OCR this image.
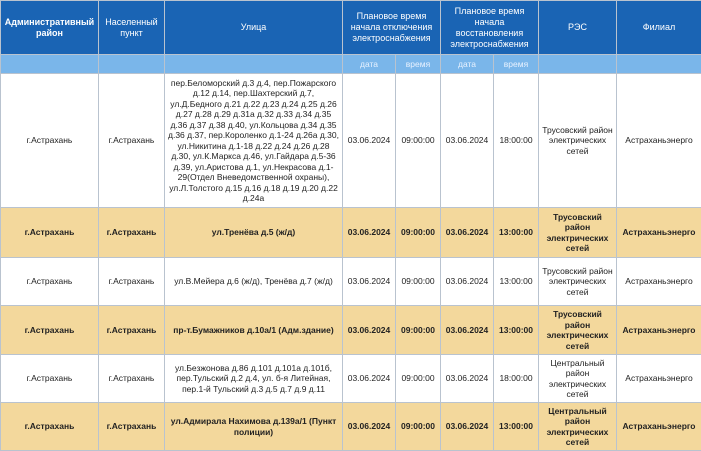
Административный район	Населенный пункт	Улица	Плановое время начала отключения электроснабжения		Плановое время начала восстановления электроснабжения		РЭС	Филиал
			дата	время	дата	время		
г.Астрахань	г.Астрахань	пер.Беломорский д.3 д.4, пер.Пожарского д.12 д.14, пер.Шахтерский д.7, ул.Д.Бедного д.21 д.22 д.23 д.24 д.25 д.26 д.27 д.28 д.29 д.31а д.32 д.33 д.34 д.35 д.36 д.37 д.38 д.40, ул.Кольцова д.34 д.35 д.36 д.37, пер.Короленко д.1-24 д.26а д.30, ул.Никитина д.1-18 д.22 д.24 д.26 д.28 д.30, ул.К.Маркса д.46, ул.Гайдара д.5-36 д.39, ул.Аристова д.1, ул.Некрасова д.1-29(Отдел Вневедомственной охраны), ул.Л.Толстого д.15 д.16 д.18 д.19 д.20 д.22 д.24а	03.06.2024	09:00:00	03.06.2024	18:00:00	Трусовский район электрических сетей	Астраханьэнерго
г.Астрахань	г.Астрахань	ул.Тренёва д.5 (ж/д)	03.06.2024	09:00:00	03.06.2024	13:00:00	Трусовский район электрических сетей	Астраханьэнерго
г.Астрахань	г.Астрахань	ул.В.Мейера д.6 (ж/д), Тренёва д.7 (ж/д)	03.06.2024	09:00:00	03.06.2024	13:00:00	Трусовский район электрических сетей	Астраханьэнерго
г.Астрахань	г.Астрахань	пр-т.Бумажников д.10а/1 (Адм.здание)	03.06.2024	09:00:00	03.06.2024	13:00:00	Трусовский район электрических сетей	Астраханьэнерго
г.Астрахань	г.Астрахань	ул.Безжонова д.86 д.101 д.101а д.101б, пер.Тульский д.2 д.4, ул. б-я Литейная, пер.1-й Тульский д.3 д.5 д.7 д.9 д.11	03.06.2024	09:00:00	03.06.2024	18:00:00	Центральный район электрических сетей	Астраханьэнерго
г.Астрахань	г.Астрахань	ул.Адмирала Нахимова д.139а/1 (Пункт полиции)	03.06.2024	09:00:00	03.06.2024	13:00:00	Центральный район электрических сетей	Астраханьэнерго
